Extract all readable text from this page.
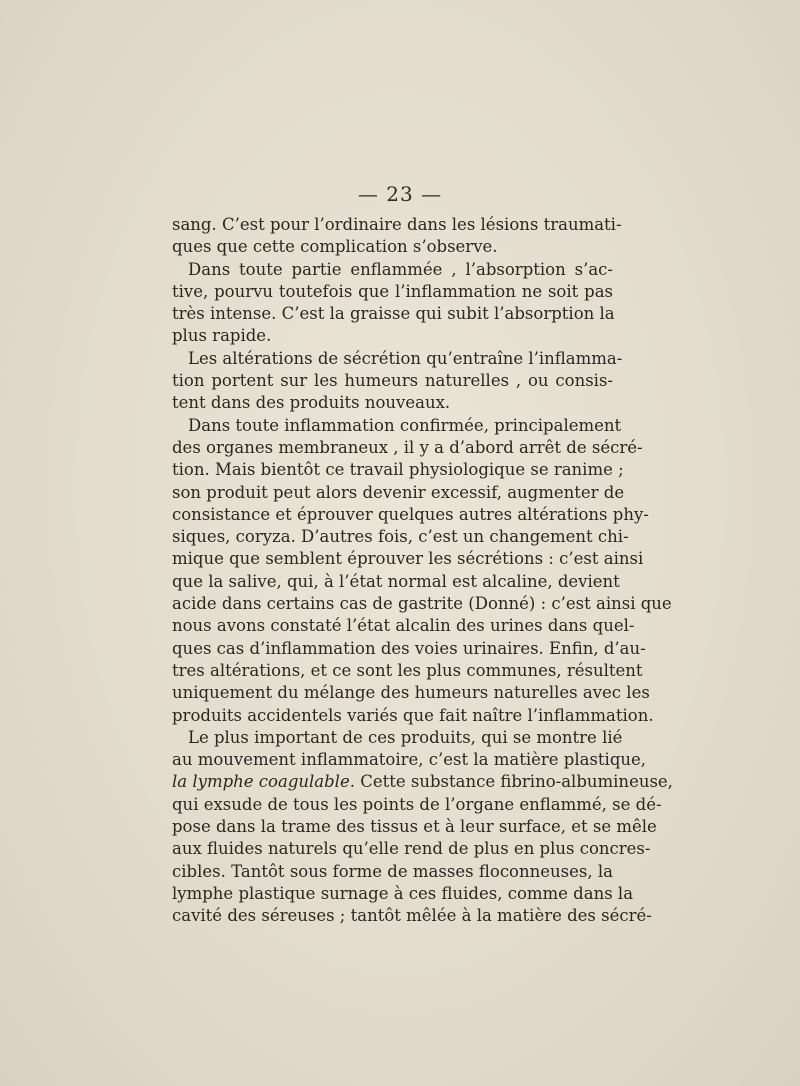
— 23 —
sang. C’est pour l’ordinaire dans les lésions traumati-
ques que cette complication s’observe.
Dans toute partie enflammée , l’absorption s’ac-
tive, pourvu toutefois que l’inflammation ne soit pas
très intense. C’est la graisse qui subit l’absorption la
plus rapide.
Les altérations de sécrétion qu’entraîne l’inflamma-
tion portent sur les humeurs naturelles , ou consis-
tent dans des produits nouveaux.
Dans toute inflammation confirmée, principalement
des organes membraneux , il y a d’abord arrêt de sécré-
tion. Mais bientôt ce travail physiologique se ranime ;
son produit peut alors devenir excessif, augmenter de
consistance et éprouver quelques autres altérations phy-
siques, coryza. D’autres fois, c’est un changement chi-
mique que semblent éprouver les sécrétions : c’est ainsi
que la salive, qui, à l’état normal est alcaline, devient
acide dans certains cas de gastrite (Donné) : c’est ainsi que
nous avons constaté l’état alcalin des urines dans quel-
ques cas d’inflammation des voies urinaires. Enfin, d’au-
tres altérations, et ce sont les plus communes, résultent
uniquement du mélange des humeurs naturelles avec les
produits accidentels variés que fait naître l’inflammation.
Le plus important de ces produits, qui se montre lié
au mouvement inflammatoire, c’est la matière plastique,
la lymphe coagulable. Cette substance fibrino-albumineuse,
qui exsude de tous les points de l’organe enflammé, se dé-
pose dans la trame des tissus et à leur surface, et se mêle
aux fluides naturels qu’elle rend de plus en plus concres-
cibles. Tantôt sous forme de masses floconneuses, la
lymphe plastique surnage à ces fluides, comme dans la
cavité des séreuses ; tantôt mêlée à la matière des sécré-
